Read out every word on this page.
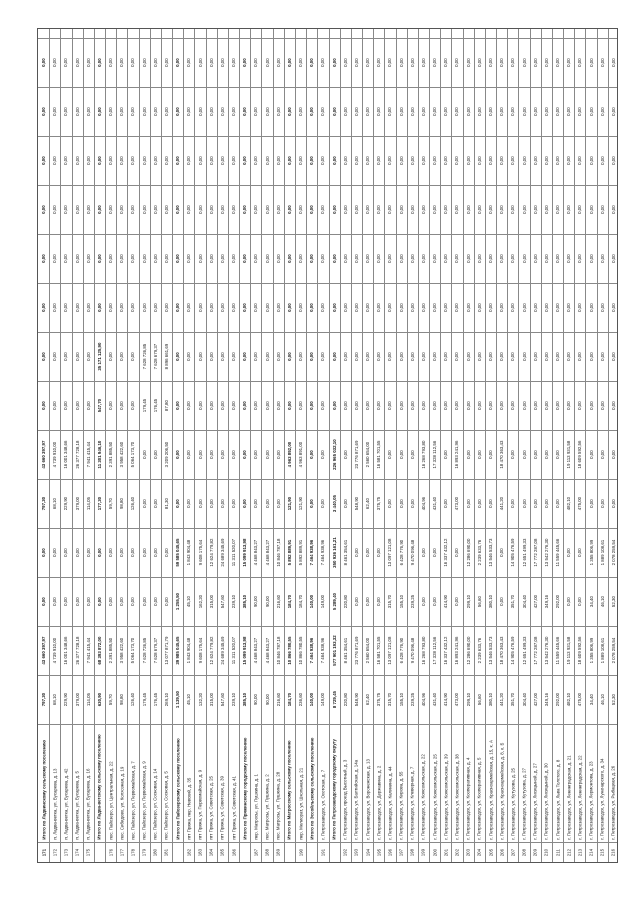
171
Итого по Ладвинскому сельскому поселению
797,30
43 660 397,97
0,00
0,00
797,30
43 660 397,97
0,00
0,00
0,00
0,00
0,00
0,00
0,00
0,00
172
п. Ладва-ветка, ул. Бусарева, д. 13
68,10
4 739 910,00
0,00
0,00
68,10
4 739 910,00
0,00
0,00
0,00
0,00
0,00
0,00
0,00
0,00
173
п. Ладва-ветка, ул. Бусарева, д. 42
229,90
16 001 348,66
0,00
0,00
229,90
16 001 348,66
0,00
0,00
0,00
0,00
0,00
0,00
0,00
0,00
174
п. Ладва-ветка, ул. Бусарева, д. 5
379,00
26 377 728,18
0,00
0,00
379,00
26 377 728,18
0,00
0,00
0,00
0,00
0,00
0,00
0,00
0,00
175
п. Ладва-ветка, ул. Бусарева, д. 16
114,05
7 941 415,44
0,00
0,00
114,05
7 941 415,44
0,00
0,00
0,00
0,00
0,00
0,00
0,00
0,00
Итого по Ладва-ветскому сельскому поселению
630,90
68 393 872,00
0,00
0,00
177,30
11 301 946,10
547,70
35 171 125,90
0,00
0,00
0,00
0,00
0,00
0,00
176
пос. Пайозеро, ул. Центральная, д. 22
59,70
2 391 885,50
0,00
0,00
59,70
2 391 885,50
0,00
0,00
0,00
0,00
0,00
0,00
0,00
0,00
177
пос. Сибидово, ул. Колхозная, д. 19
98,80
3 958 422,60
0,00
0,00
98,80
3 958 422,60
0,00
0,00
0,00
0,00
0,00
0,00
0,00
0,00
178
пос. Пайозеро, ул. Первомайская, д. 7
126,40
5 064 173,70
0,00
0,00
126,40
5 064 173,70
0,00
0,00
0,00
0,00
0,00
0,00
0,00
0,00
179
пос. Пайозеро, ул. Первомайская, д. 9
179,45
7 628 726,85
0,00
0,00
0,00
0,00
179,45
7 628 726,85
0,00
0,00
0,00
0,00
0,00
0,00
180
пос. Пайозеро, ул. Сосновая, д. 14
176,45
7 628 679,37
0,00
0,00
0,00
0,00
176,45
7 628 679,37
0,00
0,00
0,00
0,00
0,00
0,00
181
пос. Пайозеро, ул. Сосновая, д. 5
269,10
13 077 871,79
0,00
0,00
81,30
3 209 206,50
87,80
8 896 661,69
0,00
0,00
0,00
0,00
0,00
0,00
Итого по Пайозерскому сельскому поселению
1 139,50
39 985 045,65
1 255,50
59 585 045,65
0,00
0,00
0,00
0,00
0,00
0,00
0,00
0,00
0,00
0,00
182
пгт Пряжа, пер. Невский, д. 35
45,10
1 843 904,48
45,10
1 843 904,48
0,00
0,00
0,00
0,00
0,00
0,00
0,00
0,00
0,00
0,00
183
пгт Пряжа, ул. Первомайская, д. 9
132,20
9 608 175,64
162,20
9 608 175,64
0,00
0,00
0,00
0,00
0,00
0,00
0,00
0,00
0,00
0,00
184
пгт Пряжа, ул. Советская, д. 25
315,00
12 624 779,82
315,00
12 624 779,82
0,00
0,00
0,00
0,00
0,00
0,00
0,00
0,00
0,00
0,00
185
пгт Пряжа, ул. Советская, д. 39
547,60
24 689 345,69
547,60
24 689 345,69
0,00
0,00
0,00
0,00
0,00
0,00
0,00
0,00
0,00
0,00
186
пгт Пряжа, ул. Советская, д. 41
239,10
11 311 520,07
239,10
11 311 520,07
0,00
0,00
0,00
0,00
0,00
0,00
0,00
0,00
0,00
0,00
Итого по Пряжинскому городскому поселению
385,10
15 099 913,98
385,10
15 099 913,98
0,00
0,00
0,00
0,00
0,00
0,00
0,00
0,00
0,00
0,00
187
пер. Матросы, ул. Пушкина, д. 1
90,00
4 468 843,27
90,00
4 468 843,27
0,00
0,00
0,00
0,00
0,00
0,00
0,00
0,00
0,00
0,00
188
пос. Матросы, ул. Пушкина, д. 2
90,00
4 468 843,27
90,00
4 468 843,27
0,00
0,00
0,00
0,00
0,00
0,00
0,00
0,00
0,00
0,00
189
пос. Матросы, ул. Пушкина, д. 28
216,60
10 846 787,18
216,60
10 846 787,18
0,00
0,00
0,00
0,00
0,00
0,00
0,00
0,00
0,00
0,00
Итого по Матросскому сельскому поселению
184,70
10 866 780,55
184,70
5 892 889,91
121,90
4 963 892,00
0,00
0,00
0,00
0,00
0,00
0,00
0,00
0,00
190
пер. Мелиорат, ул. Школьная, д. 21
236,60
10 866 780,55
184,70
5 892 889,91
121,90
4 963 891,00
0,00
0,00
0,00
0,00
0,00
0,00
0,00
0,00
Итого по Эссойльскому сельскому поселению
140,00
7 464 938,96
140,00
7 464 938,96
0,00
0,00
0,00
0,00
0,00
0,00
0,00
0,00
0,00
0,00
191
г. Петрозаводск, ул. Охотская, д. 7
149,00
7 464 938,96
149,00
7 464 938,96
0,00
0,00
0,00
0,00
0,00
0,00
0,00
0,00
0,00
0,00
Итого по Петрозаводскому городскому округу
8 729,45
577 901 193,32
5 289,40
350 936 161,21
3 440,05
226 965 032,10
0,00
0,00
0,00
0,00
0,00
0,00
0,00
0,00
192
г. Петрозаводск, проезд Высотный, д. 3
220,80
8 461 354,61
220,80
8 461 354,61
0,00
0,00
0,00
0,00
0,00
0,00
0,00
0,00
0,00
0,00
193
г. Петрозаводск, ул. Балтийская, д. 14а
548,90
23 776 871,69
0,00
0,00
548,90
23 776 871,69
0,00
0,00
0,00
0,00
0,00
0,00
0,00
0,00
194
г. Петрозаводск, ул. Воронежская, д. 13
62,40
2 560 654,00
0,00
0,00
62,40
2 560 654,00
0,00
0,00
0,00
0,00
0,00
0,00
0,00
0,00
195
г. Петрозаводск, ул. Державина, д. 2
375,75
16 581 701,55
0,00
0,00
375,75
16 581 701,55
0,00
0,00
0,00
0,00
0,00
0,00
0,00
0,00
196
г. Петрозаводск, ул. Калинина, д. 44
315,70
13 097 121,08
315,70
13 097 121,08
0,00
0,00
0,00
0,00
0,00
0,00
0,00
0,00
0,00
0,00
197
г. Петрозаводск, ул. Кирова, д. 55
155,10
6 428 776,90
155,10
6 428 776,90
0,00
0,00
0,00
0,00
0,00
0,00
0,00
0,00
0,00
0,00
198
г. Петрозаводск, ул. Клеверная, д. 7
239,25
9 470 096,48
239,25
9 470 096,48
0,00
0,00
0,00
0,00
0,00
0,00
0,00
0,00
0,00
0,00
199
г. Петрозаводск, ул. Комсомольская, д. 22
404,96
16 268 793,80
0,00
0,00
404,96
16 268 793,80
0,00
0,00
0,00
0,00
0,00
0,00
0,00
0,00
200
г. Петрозаводск, ул. Комсомольская, д. 25
431,40
17 328 112,56
0,00
0,00
431,40
17 328 112,56
0,00
0,00
0,00
0,00
0,00
0,00
0,00
0,00
201
г. Петрозаводск, ул. Комсомольская, д. 39
414,90
16 337 432,12
414,90
16 337 432,12
0,00
0,00
0,00
0,00
0,00
0,00
0,00
0,00
0,00
0,00
202
г. Петрозаводск, ул. Комсомольская, д. 38
473,00
16 893 241,96
0,00
0,00
473,00
16 893 241,96
0,00
0,00
0,00
0,00
0,00
0,00
0,00
0,00
203
г. Петрозаводск, ул. Кооперативная, д. 4
299,10
12 286 690,00
299,10
12 286 690,00
0,00
0,00
0,00
0,00
0,00
0,00
0,00
0,00
0,00
0,00
204
г. Петрозаводск, ул. Кооперативная, д. 5
56,60
2 239 633,76
56,60
2 239 633,76
0,00
0,00
0,00
0,00
0,00
0,00
0,00
0,00
0,00
0,00
205
г. Петрозаводск, ул. Красноармейская, д. 15, к. А
380,10
13 546 533,73
380,10
13 546 533,73
0,00
0,00
0,00
0,00
0,00
0,00
0,00
0,00
0,00
0,00
206
г. Петрозаводск, ул. Красноармейская, д. 8, к. Б
441,20
18 470 363,43
0,00
0,00
441,20
18 470 363,43
0,00
0,00
0,00
0,00
0,00
0,00
0,00
0,00
207
г. Петрозаводск, ул. Кутузова, д. 25
351,70
14 905 476,59
351,70
14 905 476,59
0,00
0,00
0,00
0,00
0,00
0,00
0,00
0,00
0,00
0,00
208
г. Петрозаводск, ул. Кутузова, д. 27
304,40
12 651 499,33
304,40
12 651 499,33
0,00
0,00
0,00
0,00
0,00
0,00
0,00
0,00
0,00
0,00
209
г. Петрозаводск, ул. Лисицыной, д. 27
427,00
17 772 287,08
427,00
17 772 287,08
0,00
0,00
0,00
0,00
0,00
0,00
0,00
0,00
0,00
0,00
210
г. Петрозаводск, ул. Лисицыной, д. 30
349,16
13 542 276,30
349,16
13 542 276,30
0,00
0,00
0,00
0,00
0,00
0,00
0,00
0,00
0,00
0,00
211
г. Петрозаводск, ул. Льва Толстого, д. 8
292,00
11 559 445,66
292,00
11 559 445,66
0,00
0,00
0,00
0,00
0,00
0,00
0,00
0,00
0,00
0,00
212
г. Петрозаводск, ул. Ленинградская, д. 21
482,10
19 113 931,58
0,00
0,00
482,10
19 113 931,58
0,00
0,00
0,00
0,00
0,00
0,00
0,00
0,00
213
г. Петрозаводск, ул. Ленинградская, д. 22
475,00
18 609 592,56
0,00
0,00
475,00
18 609 592,56
0,00
0,00
0,00
0,00
0,00
0,00
0,00
0,00
214
г. Петрозаводск, ул. Лермонтова, д. 23
34,40
1 355 806,99
34,40
1 355 806,99
0,00
0,00
0,00
0,00
0,00
0,00
0,00
0,00
0,00
0,00
215
г. Петрозаводск, ул. Луначарского, д. 34
46,10
1 889 108,61
46,10
1 889 108,61
0,00
0,00
0,00
0,00
0,00
0,00
0,00
0,00
0,00
0,00
216
г. Петрозаводск, ул. Рыбацкая, д. 26
52,30
2 078 259,54
52,30
2 078 259,54
0,00
0,00
0,00
0,00
0,00
0,00
0,00
0,00
0,00
0,00
